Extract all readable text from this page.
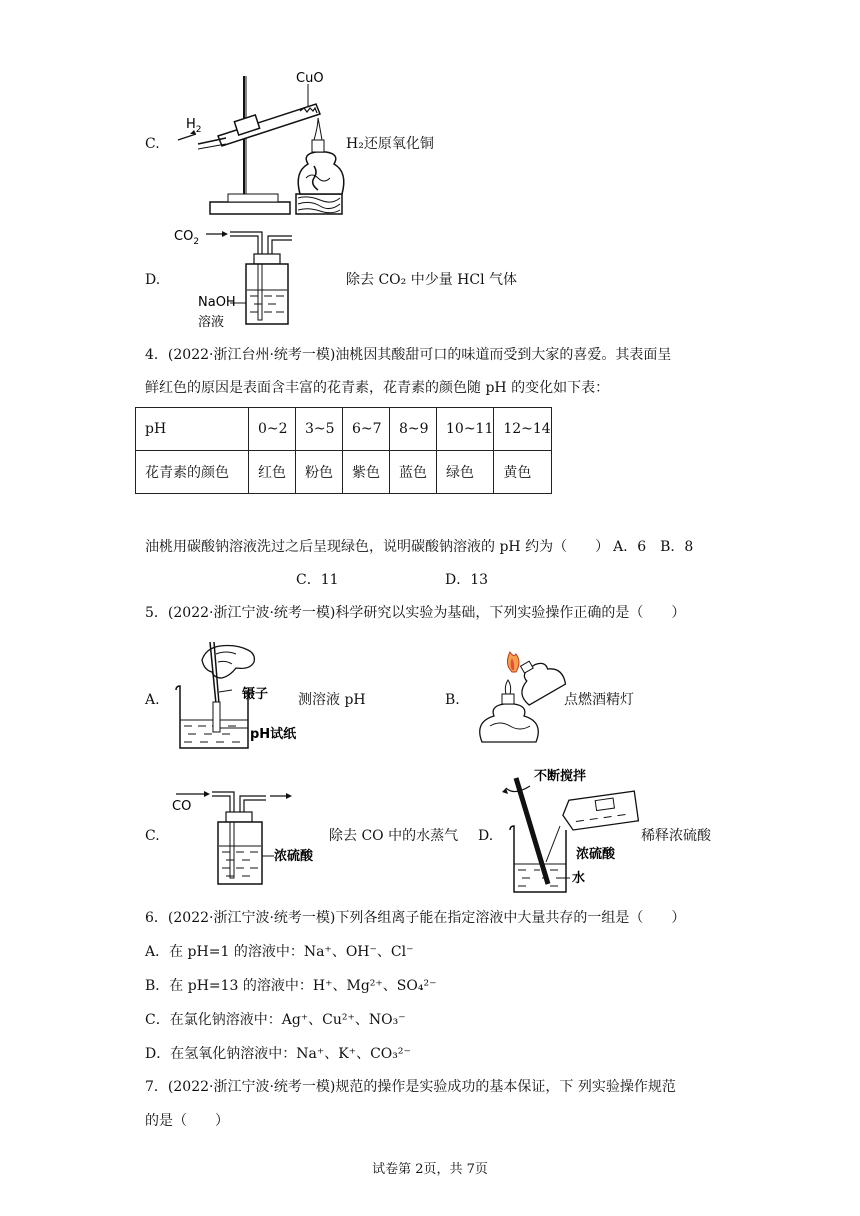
C.
$H_2$
CuO
H₂还原氧化铜
D.
$CO_2$
NaOH
溶液
除去 CO₂ 中少量 HCl 气体
4．(2022·浙江台州·统考一模)油桃因其酸甜可口的味道而受到大家的喜爱。其表面呈
鲜红色的原因是表面含丰富的花青素，花青素的颜色随 pH 的变化如下表：
pH	0~2	3~5	6~7	8~9	10~11	12~14
花青素的颜色	红色	粉色	紫色	蓝色	绿色	黄色
油桃用碳酸钠溶液洗过之后呈现绿色，说明碳酸钠溶液的 pH 约为（　　） A．6 B．8
C．11	D．13
5．(2022·浙江宁波·统考一模)科学研究以实验为基础，下列实验操作正确的是（　　）
A.	镊子
pH试纸
测溶液 pH	B.	点燃酒精灯
C.
CO
浓硫酸
除去 CO 中的水蒸气 D.
不断搅拌
浓硫酸
水
稀释浓硫酸
6．(2022·浙江宁波·统考一模)下列各组离子能在指定溶液中大量共存的一组是（　　）
A．在 pH=1 的溶液中：Na⁺、OH⁻、Cl⁻
B．在 pH=13 的溶液中：H⁺、Mg²⁺、SO₄²⁻
C．在氯化钠溶液中：Ag⁺、Cu²⁺、NO₃⁻
D．在氢氧化钠溶液中：Na⁺、K⁺、CO₃²⁻
7．(2022·浙江宁波·统考一模)规范的操作是实验成功的基本保证，下 列实验操作规范
的是（　　）
试卷第 2页，共 7页
